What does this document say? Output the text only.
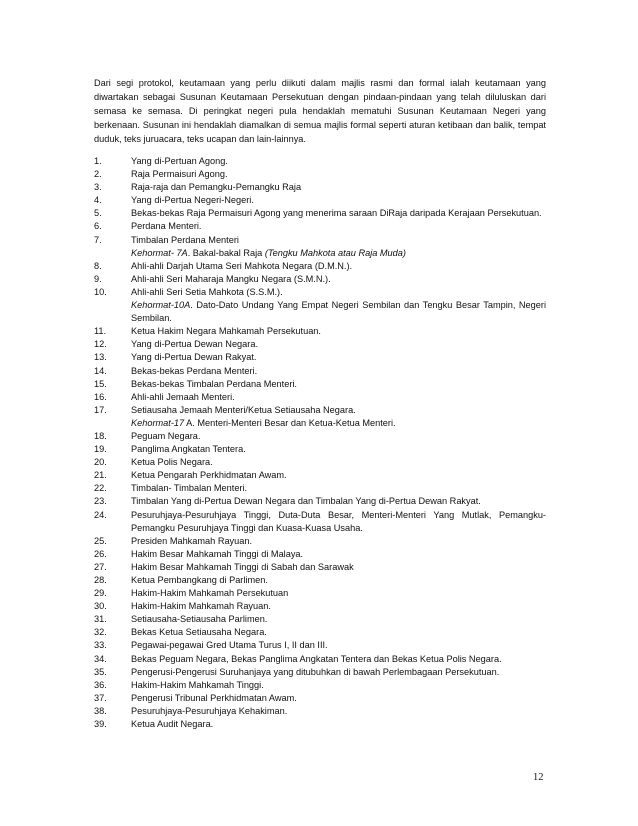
Dari segi protokol, keutamaan yang perlu diikuti dalam majlis rasmi dan formal ialah keutamaan yang diwartakan sebagai Susunan Keutamaan Persekutuan dengan pindaan-pindaan yang telah diluluskan dari semasa ke semasa. Di peringkat negeri pula hendaklah mematuhi Susunan Keutamaan Negeri yang berkenaan. Susunan ini hendaklah diamalkan di semua majlis formal seperti aturan ketibaan dan balik, tempat duduk, teks juruacara, teks ucapan dan lain-lainnya.
1.	Yang di-Pertuan Agong.
2.	Raja Permaisuri Agong.
3.	Raja-raja dan Pemangku-Pemangku Raja
4.	Yang di-Pertua Negeri-Negeri.
5.	Bekas-bekas Raja Permaisuri Agong yang menerima saraan DiRaja daripada Kerajaan Persekutuan.
6.	Perdana Menteri.
7.	Timbalan Perdana Menteri
Kehormat- 7A. Bakal-bakal Raja (Tengku Mahkota atau Raja Muda)
8.	Ahli-ahli Darjah Utama Seri Mahkota Negara (D.M.N.).
9.	Ahli-ahli Seri Maharaja Mangku Negara (S.M.N.).
10.	Ahli-ahli Seri Setia Mahkota (S.S.M.).
Kehormat-10A. Dato-Dato Undang Yang Empat Negeri Sembilan dan Tengku Besar Tampin, Negeri Sembilan.
11.	Ketua Hakim Negara Mahkamah Persekutuan.
12.	Yang di-Pertua Dewan Negara.
13.	Yang di-Pertua Dewan Rakyat.
14.	Bekas-bekas Perdana Menteri.
15.	Bekas-bekas Timbalan Perdana Menteri.
16.	Ahli-ahli Jemaah Menteri.
17.	Setiausaha Jemaah Menteri/Ketua Setiausaha Negara.
Kehormat-17 A. Menteri-Menteri Besar dan Ketua-Ketua Menteri.
18.	Peguam Negara.
19.	Panglima Angkatan Tentera.
20.	Ketua Polis Negara.
21.	Ketua Pengarah Perkhidmatan Awam.
22.	Timbalan- Timbalan Menteri.
23.	Timbalan Yang di-Pertua Dewan Negara dan Timbalan Yang di-Pertua Dewan Rakyat.
24.	Pesuruhjaya-Pesuruhjaya Tinggi, Duta-Duta Besar, Menteri-Menteri Yang Mutlak, Pemangku-Pemangku Pesuruhjaya Tinggi dan Kuasa-Kuasa Usaha.
25.	Presiden Mahkamah Rayuan.
26.	Hakim Besar Mahkamah Tinggi di Malaya.
27.	Hakim Besar Mahkamah Tinggi di Sabah dan Sarawak
28.	Ketua Pembangkang di Parlimen.
29.	Hakim-Hakim Mahkamah Persekutuan
30.	Hakim-Hakim Mahkamah Rayuan.
31.	Setiausaha-Setiausaha Parlimen.
32.	Bekas Ketua Setiausaha Negara.
33.	Pegawai-pegawai Gred Utama Turus I, II dan III.
34.	Bekas Peguam Negara, Bekas Panglima Angkatan Tentera dan Bekas Ketua Polis Negara.
35.	Pengerusi-Pengerusi Suruhanjaya yang ditubuhkan di bawah Perlembagaan Persekutuan.
36.	Hakim-Hakim Mahkamah Tinggi.
37.	Pengerusi Tribunal Perkhidmatan Awam.
38.	Pesuruhjaya-Pesuruhjaya Kehakiman.
39.	Ketua Audit Negara.
12
